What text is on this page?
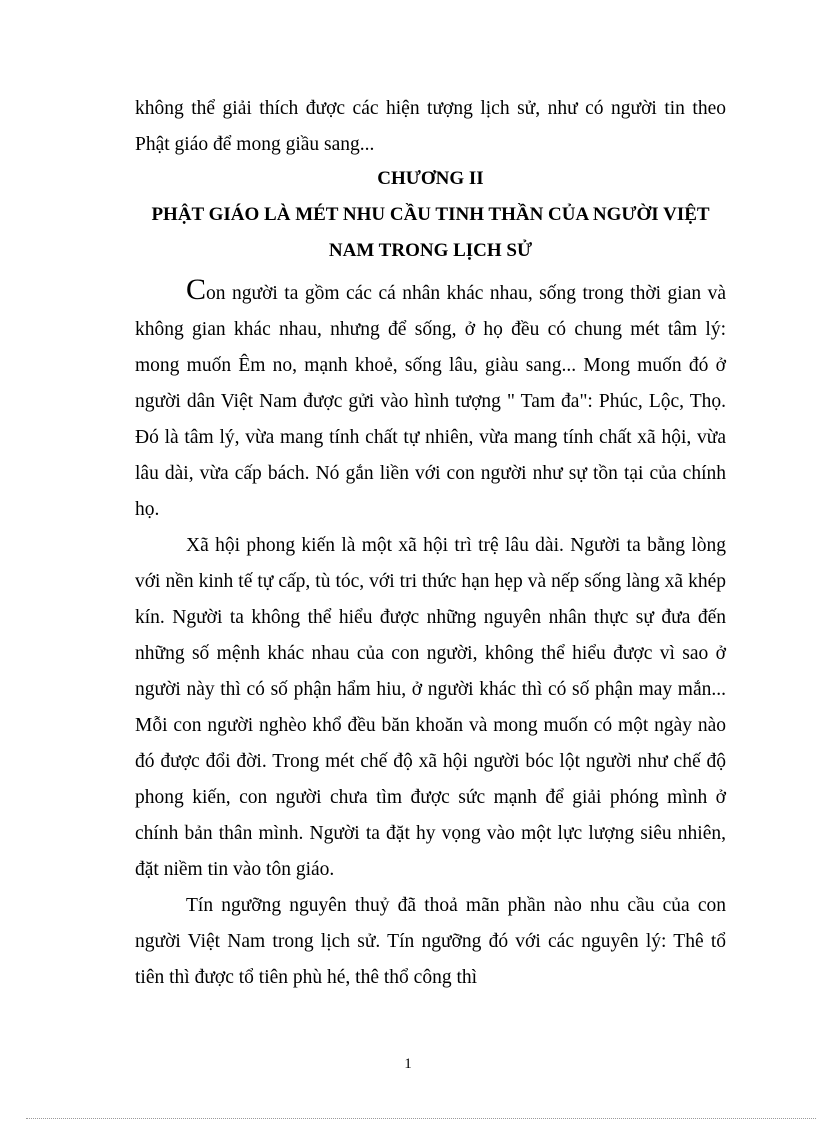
không thể giải thích được các hiện tượng lịch sử, như có người tin theo Phật giáo để mong giầu sang...
CHƯƠNG II
PHẬT GIÁO LÀ MÉT NHU CẦU TINH THẦN CỦA NGƯỜI VIỆT NAM TRONG LỊCH SỬ

Con người ta gồm các cá nhân khác nhau, sống trong thời gian và không gian khác nhau, nhưng để sống, ở họ đều có chung mét tâm lý: mong muốn Êm no, mạnh khoẻ, sống lâu, giàu sang... Mong muốn đó ở người dân Việt Nam được gửi vào hình tượng " Tam đa": Phúc, Lộc, Thọ. Đó là tâm lý, vừa mang tính chất tự nhiên, vừa mang tính chất xã hội, vừa lâu dài, vừa cấp bách. Nó gắn liền với con người như sự tồn tại của chính họ.

Xã hội phong kiến là một xã hội trì trệ lâu dài. Người ta bằng lòng với nền kinh tế tự cấp, tù tóc, với tri thức hạn hẹp và nếp sống làng xã khép kín. Người ta không thể hiểu được những nguyên nhân thực sự đưa đến những số mệnh khác nhau của con người, không thể hiểu được vì sao ở người này thì có số phận hẩm hiu, ở người khác thì có số phận may mắn... Mỗi con người nghèo khổ đều băn khoăn và mong muốn có một ngày nào đó được đổi đời. Trong mét chế độ xã hội người bóc lột người như chế độ phong kiến, con người chưa tìm được sức mạnh để giải phóng mình ở chính bản thân mình. Người ta đặt hy vọng vào một lực lượng siêu nhiên, đặt niềm tin vào tôn giáo.

Tín ngưỡng nguyên thuỷ đã thoả mãn phần nào nhu cầu của con người Việt Nam trong lịch sử. Tín ngưỡng đó với các nguyên lý: Thê tổ tiên thì được tổ tiên phù hé, thê thổ công thì

1
